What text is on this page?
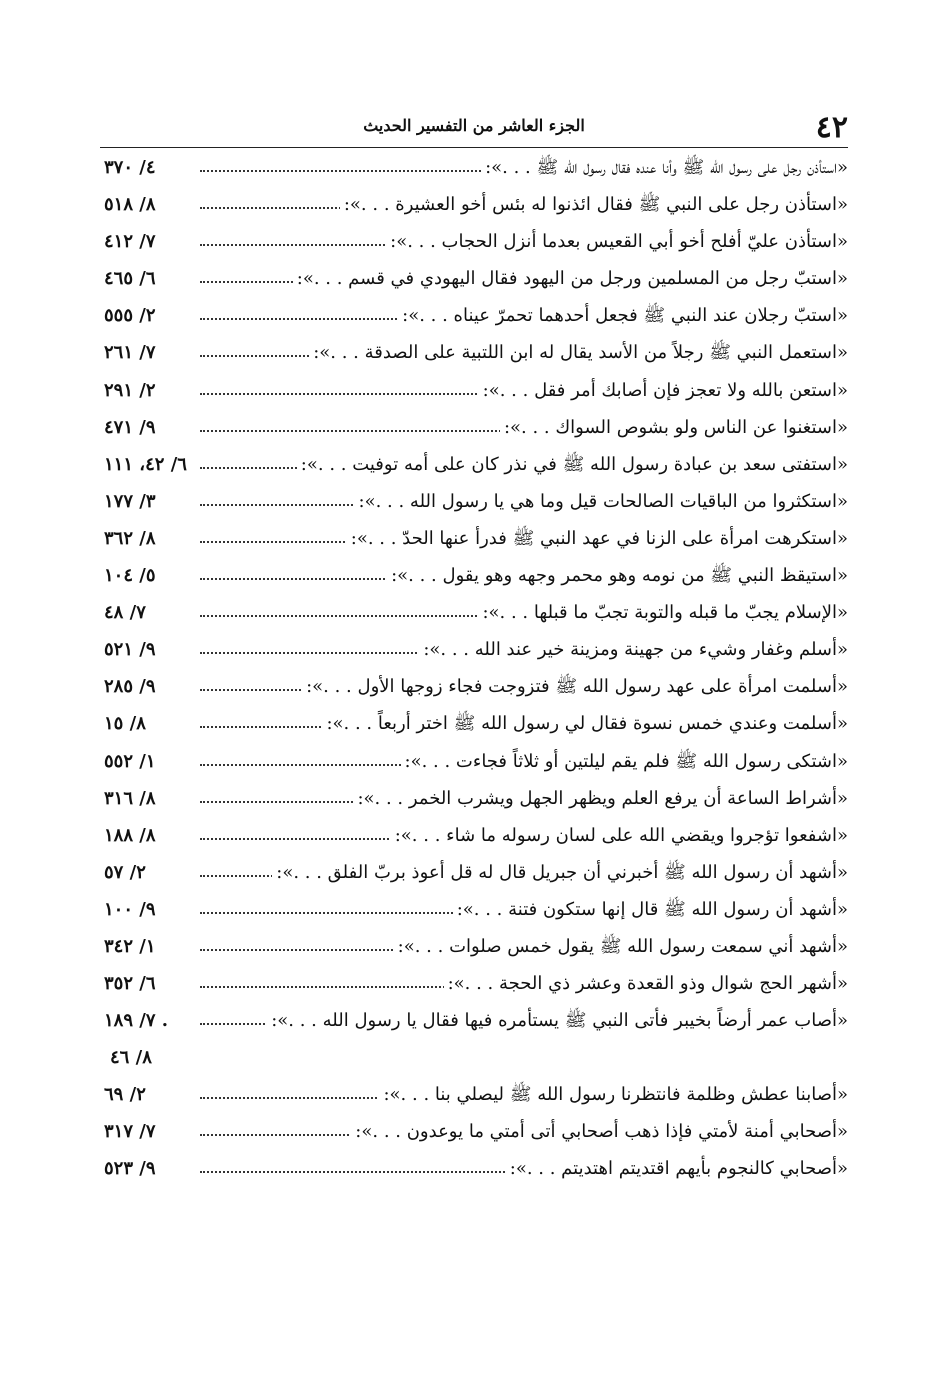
٤٢
الجزء العاشر من التفسير الحديث
«استأذن رجل على رسول الله ﷺ وأنا عنده فقال رسول الله ﷺ . . .»:
٤/ ٣٧٠
«استأذن رجل على النبي ﷺ فقال ائذنوا له بئس أخو العشيرة . . .»:
٨/ ٥١٨
«استأذن عليّ أفلح أخو أبي القعيس بعدما أنزل الحجاب . . .»:
٧/ ٤١٢
«استبّ رجل من المسلمين ورجل من اليهود فقال اليهودي في قسم . . .»:
٦/ ٤٦٥
«استبّ رجلان عند النبي ﷺ فجعل أحدهما تحمرّ عيناه . . .»:
٢/ ٥٥٥
«استعمل النبي ﷺ رجلاً من الأسد يقال له ابن اللتبية على الصدقة . . .»:
٧/ ٢٦١
«استعن بالله ولا تعجز فإن أصابك أمر فقل . . .»:
٢/ ٢٩١
«استغنوا عن الناس ولو بشوص السواك . . .»:
٩/ ٤٧١
«استفتى سعد بن عبادة رسول الله ﷺ في نذر كان على أمه توفيت . . .»:
٦/ ٤٢، ١١١
«استكثروا من الباقيات الصالحات قيل وما هي يا رسول الله . . .»:
٣/ ١٧٧
«استكرهت امرأة على الزنا في عهد النبي ﷺ فدرأ عنها الحدّ . . .»:
٨/ ٣٦٢
«استيقظ النبي ﷺ من نومه وهو محمر وجهه وهو يقول . . .»:
٥/ ١٠٤
«الإسلام يجبّ ما قبله والتوبة تجبّ ما قبلها . . .»:
٧/ ٤٨
«أسلم وغفار وشيء من جهينة ومزينة خير عند الله . . .»:
٩/ ٥٢١
«أسلمت امرأة على عهد رسول الله ﷺ فتزوجت فجاء زوجها الأول . . .»:
٩/ ٢٨٥
«أسلمت وعندي خمس نسوة فقال لي رسول الله ﷺ اختر أربعاً . . .»:
٨/ ١٥
«اشتكى رسول الله ﷺ فلم يقم ليلتين أو ثلاثاً فجاءت . . .»:
١/ ٥٥٢
«أشراط الساعة أن يرفع العلم ويظهر الجهل ويشرب الخمر . . .»:
٨/ ٣١٦
«اشفعوا تؤجروا ويقضي الله على لسان رسوله ما شاء . . .»:
٨/ ١٨٨
«أشهد أن رسول الله ﷺ أخبرني أن جبريل قال له قل أعوذ بربّ الفلق . . .»:
٢/ ٥٧
«أشهد أن رسول الله ﷺ قال إنها ستكون فتنة . . .»:
٩/ ١٠٠
«أشهد أني سمعت رسول الله ﷺ يقول خمس صلوات . . .»:
١/ ٣٤٢
«أشهر الحج شوال وذو القعدة وعشر ذي الحجة . . .»:
٦/ ٣٥٢
«أصاب عمر أرضاً بخيبر فأتى النبي ﷺ يستأمره فيها فقال يا رسول الله . . .»:
٧/ ١٨٩ .
٨/ ٤٦
«أصابنا عطش وظلمة فانتظرنا رسول الله ﷺ ليصلي بنا . . .»:
٢/ ٦٩
«أصحابي أمنة لأمتي فإذا ذهب أصحابي أتى أمتي ما يوعدون . . .»:
٧/ ٣١٧
«أصحابي كالنجوم بأيهم اقتديتم اهتديتم . . .»:
٩/ ٥٢٣
